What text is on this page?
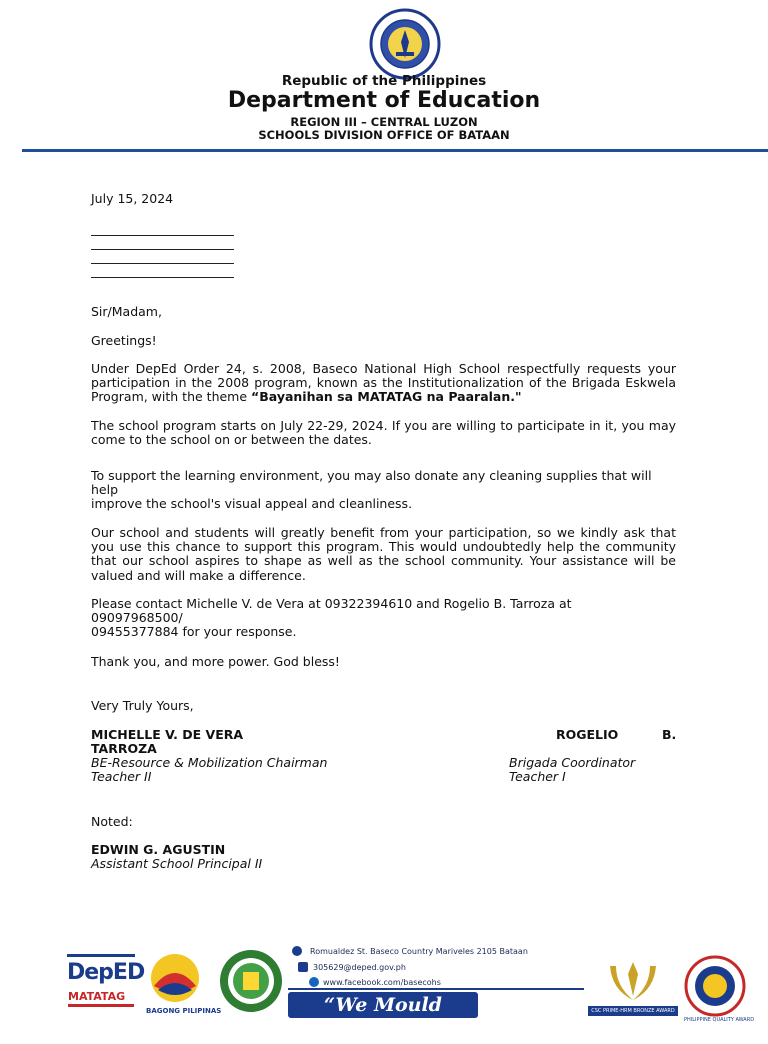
Republic of the Philippines
Department of Education
REGION III – CENTRAL LUZON
SCHOOLS DIVISION OFFICE OF BATAAN
July 15, 2024
Sir/Madam,
Greetings!
Under DepEd Order 24, s. 2008, Baseco National High School respectfully requests your participation in the 2008 program, known as the Institutionalization of the Brigada Eskwela Program, with the theme “Bayanihan sa MATATAG na Paaralan."
The school program starts on July 22-29, 2024. If you are willing to participate in it, you may come to the school on or between the dates.
To support the learning environment, you may also donate any cleaning supplies that will help
improve the school's visual appeal and cleanliness.
Our school and students will greatly benefit from your participation, so we kindly ask that you use this chance to support this program. This would undoubtedly help the community that our school aspires to shape as well as the school community. Your assistance will be valued and will make a difference.
Please contact Michelle V. de Vera at 09322394610 and Rogelio B. Tarroza at
09097968500/
09455377884 for your response.
Thank you, and more power. God bless!
Very Truly Yours,
MICHELLE V. DE VERA	ROGELIO	B.
TARROZA
BE-Resource & Mobilization Chairman
Teacher II
Brigada Coordinator
Teacher I
Noted:
EDWIN G. AGUSTIN
Assistant School Principal II
DepED
MATATAG
BAGONG PILIPINAS
Romualdez St. Baseco Country Mariveles 2105 Bataan
305629@deped.gov.ph
www.facebook.com/basecohs
“We Mould Heroes”
CSC PRIME-HRM BRONZE AWARD
PHILIPPINE QUALITY AWARD
